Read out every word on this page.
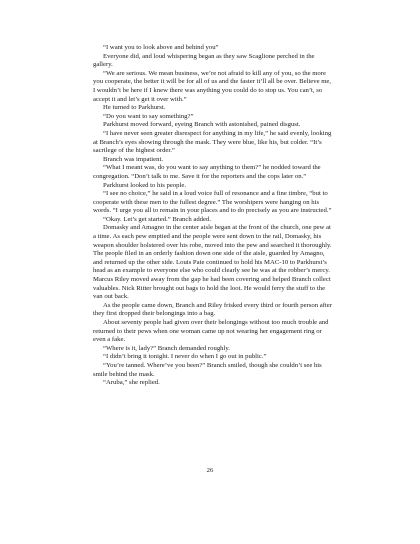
“I want you to look above and behind you”

Everyone did, and loud whispering began as they saw Scaglione perched in the gallery.

“We are serious. We mean business, we’re not afraid to kill any of you, so the more you cooperate, the better it will be for all of us and the faster it’ll all be over. Believe me, I wouldn’t be here if I knew there was anything you could do to stop us. You can’t, so accept it and let’s get it over with.”

He turned to Parkhurst.

“Do you want to say something?”

Parkhurst moved forward, eyeing Branch with astonished, pained disgust.

“I have never seen greater disrespect for anything in my life,” he said evenly, looking at Branch’s eyes showing through the mask. They were blue, like his, but colder. “It’s sacrilege of the highest order.”

Branch was impatient.

“What I meant was, do you want to say anything to them?” he nodded toward the congregation. “Don’t talk to me. Save it for the reporters and the cops later on.”

Parkhurst looked to his people.

“I see no choice,” he said in a loud voice full of resonance and a fine timbre, “but to cooperate with these men to the fullest degree.” The worshipers were hanging on his words. “I urge you all to remain in your places and to do precisely as you are instructed.”

“Okay. Let’s get started.” Branch added.

Domasky and Amagno in the center aisle began at the front of the church, one pew at a time. As each pew emptied and the people were sent down to the rail, Domasky, his weapon shoulder holstered over his robe, moved into the pew and searched it thoroughly. The people filed in an orderly fashion down one side of the aisle, guarded by Amagno, and returned up the other side. Louis Pate continued to hold his MAC-10 to Parkhurst’s head as an example to everyone else who could clearly see he was at the robber’s mercy. Marcus Riley moved away from the gap he had been covering and helped Branch collect valuables. Nick Ritter brought out bags to hold the loot. He would ferry the stuff to the van out back.

As the people came down, Branch and Riley frisked every third or fourth person after they first dropped their belongings into a bag.

About seventy people had given over their belongings without too much trouble and returned to their pews when one woman came up not wearing her engagement ring or even a fake.

“Where is it, lady?” Branch demanded roughly.

“I didn’t bring it tonight. I never do when I go out in public.”

“You’re tanned. Where’ve you been?” Branch smiled, though she couldn’t see his smile behind the mask.

“Aruba,” she replied.

26
